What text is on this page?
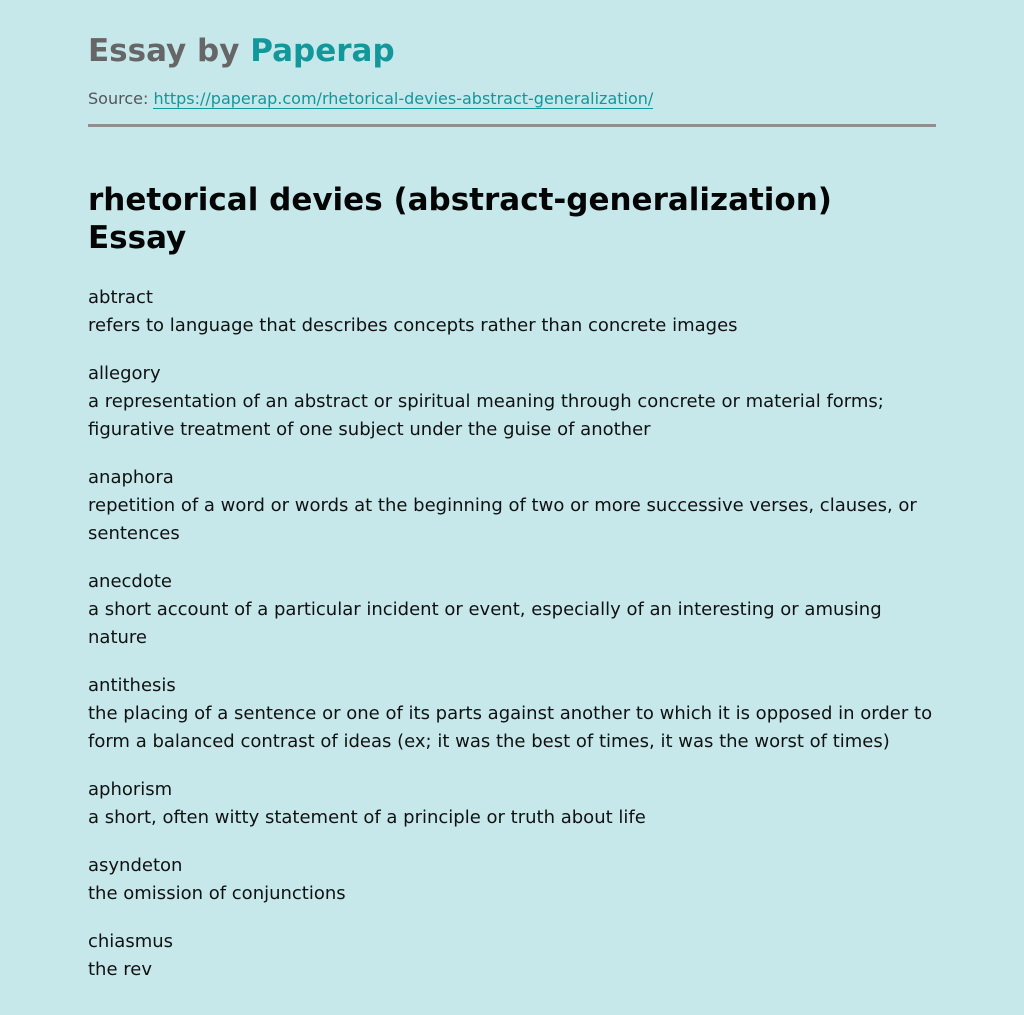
Essay by Paperap
Source: https://paperap.com/rhetorical-devies-abstract-generalization/
rhetorical devies (abstract-generalization) Essay
abtract
refers to language that describes concepts rather than concrete images
allegory
a representation of an abstract or spiritual meaning through concrete or material forms; figurative treatment of one subject under the guise of another
anaphora
repetition of a word or words at the beginning of two or more successive verses, clauses, or sentences
anecdote
a short account of a particular incident or event, especially of an interesting or amusing nature
antithesis
the placing of a sentence or one of its parts against another to which it is opposed in order to form a balanced contrast of ideas (ex; it was the best of times, it was the worst of times)
aphorism
a short, often witty statement of a principle or truth about life
asyndeton
the omission of conjunctions
chiasmus
the rev
